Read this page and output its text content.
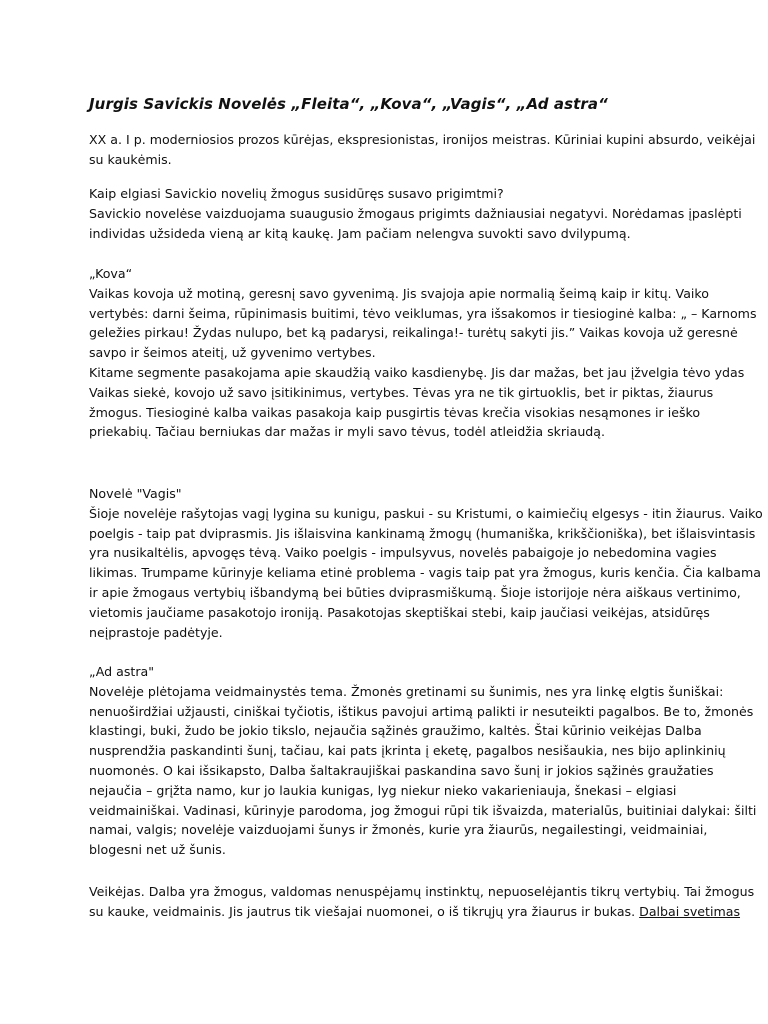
Jurgis Savickis Novelės „Fleita“, „Kova“, „Vagis“, „Ad astra“

XX a. I p. moderniosios prozos kūrėjas, ekspresionistas, ironijos meistras. Kūriniai kupini absurdo, veikėjai
su kaukėmis.

Kaip elgiasi Savickio novelių žmogus susidūręs susavo prigimtmi?
Savickio novelėse vaizduojama suaugusio žmogaus prigimts dažniausiai negatyvi. Norėdamas įpaslėpti
individas užsideda vieną ar kitą kaukę. Jam pačiam nelengva suvokti savo dvilypumą.

„Kova“
Vaikas kovoja už motiną, geresnį savo gyvenimą. Jis svajoja apie normalią šeimą kaip ir kitų. Vaiko
vertybės: darni šeima, rūpinimasis buitimi, tėvo veiklumas, yra išsakomos ir tiesioginė kalba: „ – Karnoms
geležies pirkau! Žydas nulupo, bet ką padarysi, reikalinga!- turėtų sakyti jis.” Vaikas kovoja už geresnė
savpo ir šeimos ateitį, už gyvenimo vertybes.
Kitame segmente pasakojama apie skaudžią vaiko kasdienybę. Jis dar mažas, bet jau įžvelgia tėvo ydas
Vaikas siekė, kovojo už savo įsitikinimus, vertybes. Tėvas yra ne tik girtuoklis, bet ir piktas, žiaurus
žmogus. Tiesioginė kalba vaikas pasakoja kaip pusgirtis tėvas krečia visokias nesąmones ir ieško
priekabių. Tačiau berniukas dar mažas ir myli savo tėvus, todėl atleidžia skriaudą.

Novelė "Vagis"
Šioje novelėje rašytojas vagį lygina su kunigu, paskui - su Kristumi, o kaimiečių elgesys - itin žiaurus. Vaiko
poelgis - taip pat dviprasmis. Jis išlaisvina kankinamą žmogų (humaniška, krikščioniška), bet išlaisvintasis
yra nusikaltėlis, apvogęs tėvą. Vaiko poelgis - impulsyvus, novelės pabaigoje jo nebedomina vagies
likimas. Trumpame kūrinyje keliama etinė problema - vagis taip pat yra žmogus, kuris kenčia. Čia kalbama
ir apie žmogaus vertybių išbandymą bei būties dviprasmiškumą. Šioje istorijoje nėra aiškaus vertinimo,
vietomis jaučiame pasakotojo ironiją. Pasakotojas skeptiškai stebi, kaip jaučiasi veikėjas, atsidūręs
neįprastoje padėtyje.

„Ad astra"
Novelėje plėtojama veidmainystės tema. Žmonės gretinami su šunimis, nes yra linkę elgtis šuniškai:
nenuoširdžiai užjausti, ciniškai tyčiotis, ištikus pavojui artimą palikti ir nesuteikti pagalbos. Be to, žmonės
klastingi, buki, žudo be jokio tikslo, nejaučia sąžinės graužimo, kaltės. Štai kūrinio veikėjas Dalba
nusprendžia paskandinti šunį, tačiau, kai pats įkrinta į eketę, pagalbos nesišaukia, nes bijo aplinkinių
nuomonės. O kai išsikapsto, Dalba šaltakraujiškai paskandina savo šunį ir jokios sąžinės graužaties
nejaučia – grįžta namo, kur jo laukia kunigas, lyg niekur nieko vakarieniauja, šnekasi – elgiasi
veidmainiškai. Vadinasi, kūrinyje parodoma, jog žmogui rūpi tik išvaizda, materialūs, buitiniai dalykai: šilti
namai, valgis; novelėje vaizduojami šunys ir žmonės, kurie yra žiaurūs, negailestingi, veidmainiai,
blogesni net už šunis.

Veikėjas. Dalba yra žmogus, valdomas nenuspėjamų instinktų, nepuoselėjantis tikrų vertybių. Tai žmogus
su kauke, veidmainis. Jis jautrus tik viešajai nuomonei, o iš tikrųjų yra žiaurus ir bukas. Dalbai svetimas
